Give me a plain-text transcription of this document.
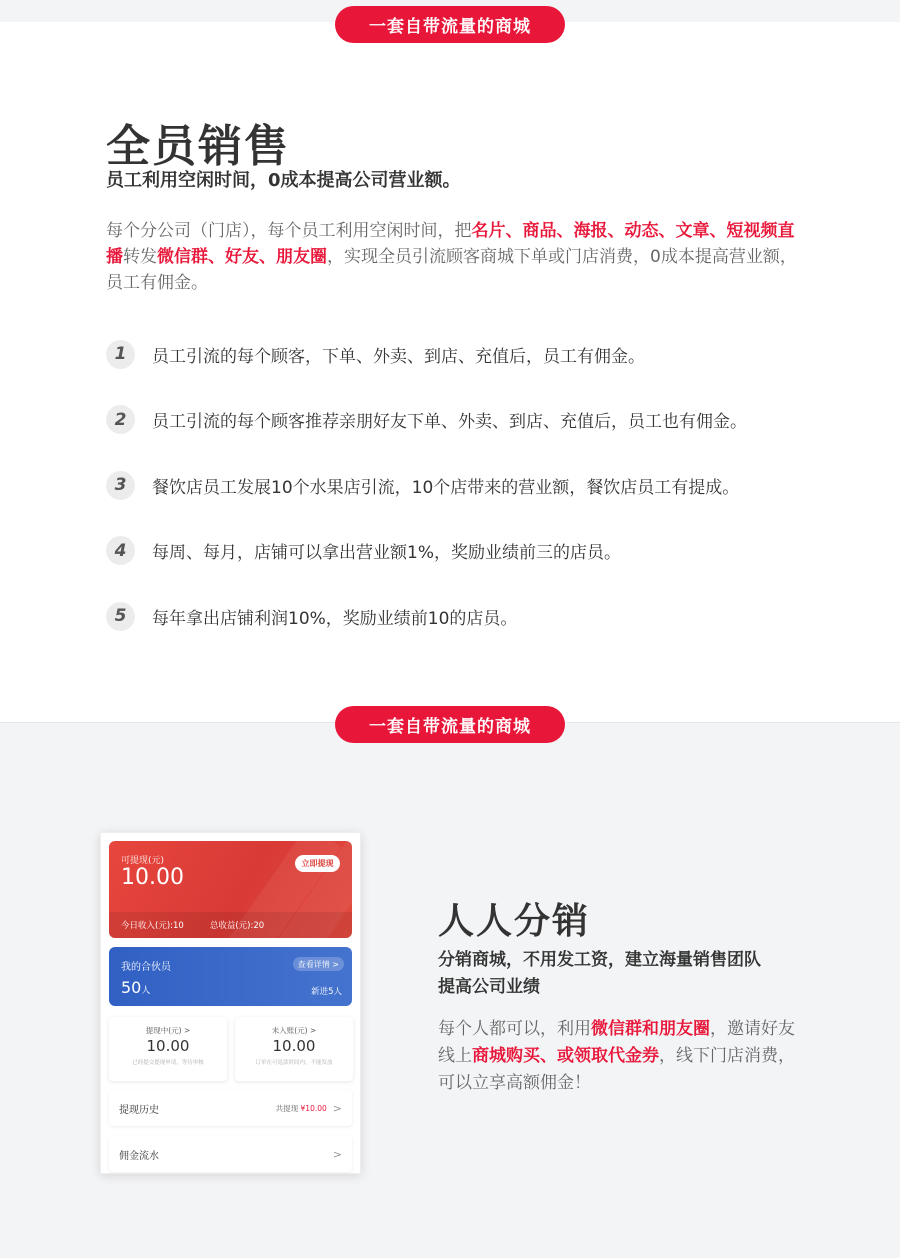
一套自带流量的商城
全员销售
员工利用空闲时间，0成本提高公司营业额。

每个分公司（门店），每个员工利用空闲时间，把名片、商品、海报、动态、文章、短视频直播转发微信群、好友、朋友圈，实现全员引流顾客商城下单或门店消费，0成本提高营业额，员工有佣金。

1	员工引流的每个顾客，下单、外卖、到店、充值后，员工有佣金。
2	员工引流的每个顾客推荐亲朋好友下单、外卖、到店、充值后，员工也有佣金。
3	餐饮店员工发展10个水果店引流，10个店带来的营业额，餐饮店员工有提成。
4	每周、每月，店铺可以拿出营业额1%，奖励业绩前三的店员。
5	每年拿出店铺利润10%，奖励业绩前10的店员。
一套自带流量的商城
可提现(元)
10.00
立即提现
今日收入(元):10	总收益(元):20
我的合伙员
50人
查看详情 >
新进5人
提现中(元) >
10.00
已经提交提现申请，等待审核
未入账(元) >
10.00
订单在可退款时间内，不能发放
提现历史	共提现 ¥10.00 >
佣金流水	>
人人分销
分销商城，不用发工资，建立海量销售团队
提高公司业绩

每个人都可以，利用微信群和朋友圈，邀请好友线上商城购买、或领取代金券，线下门店消费，可以立享高额佣金！
